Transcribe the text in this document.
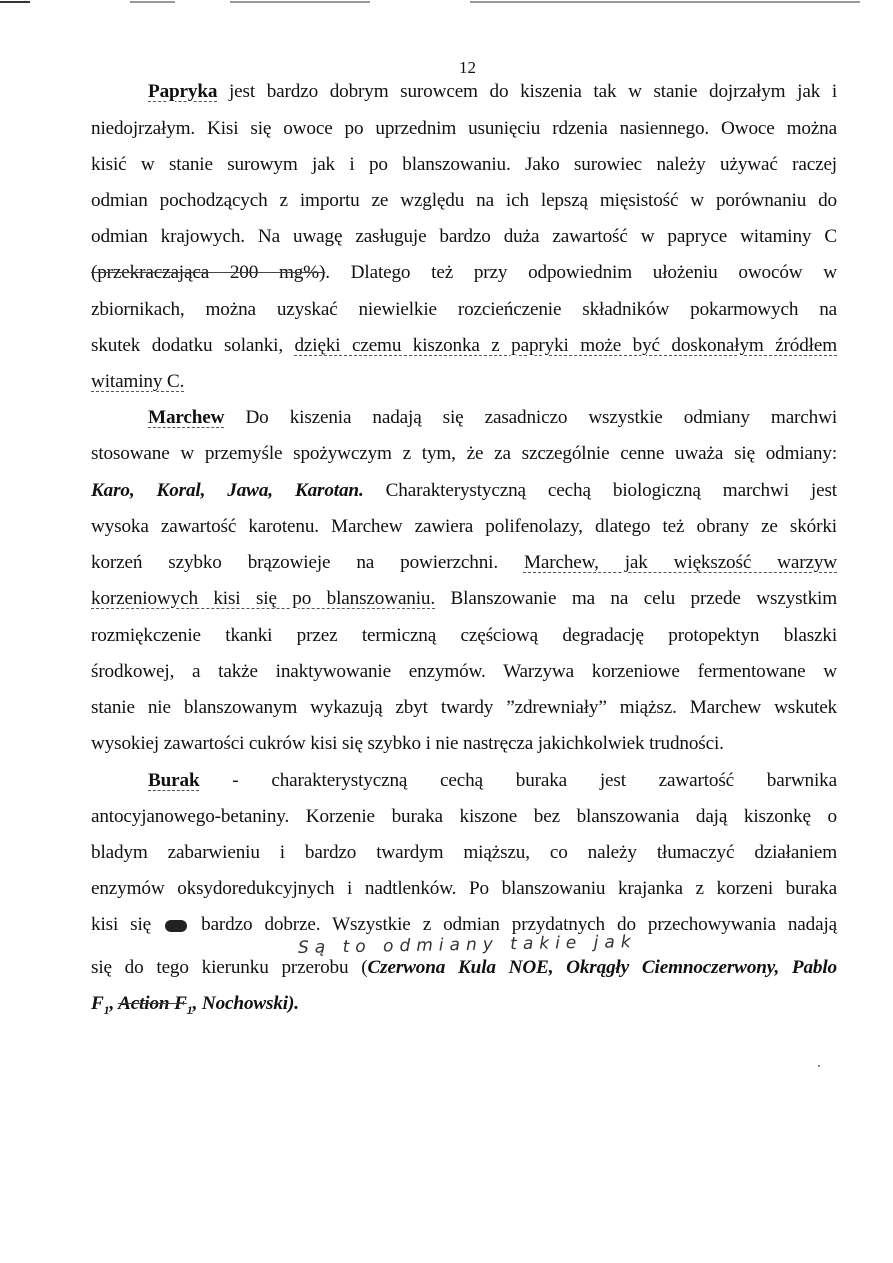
12
Papryka jest bardzo dobrym surowcem do kiszenia tak w stanie dojrzałym jak i
niedojrzałym. Kisi się owoce po uprzednim usunięciu rdzenia nasiennego. Owoce można
kisić w stanie surowym jak i po blanszowaniu. Jako surowiec należy używać raczej
odmian pochodzących z importu ze względu na ich lepszą mięsistość w porównaniu do
odmian krajowych. Na uwagę zasługuje bardzo duża zawartość w papryce witaminy C
(przekraczająca 200 mg%). Dlatego też przy odpowiednim ułożeniu owoców w
zbiornikach, można uzyskać niewielkie rozcieńczenie składników pokarmowych na
skutek dodatku solanki, dzięki czemu kiszonka z papryki może być doskonałym źródłem
witaminy C.
Marchew Do kiszenia nadają się zasadniczo wszystkie odmiany marchwi
stosowane w przemyśle spożywczym z tym, że za szczególnie cenne uważa się odmiany:
Karo, Koral, Jawa, Karotan. Charakterystyczną cechą biologiczną marchwi jest
wysoka zawartość karotenu. Marchew zawiera polifenolazy, dlatego też obrany ze skórki
korzeń szybko brązowieje na powierzchni. Marchew, jak większość warzyw
korzeniowych kisi się po blanszowaniu. Blanszowanie ma na celu przede wszystkim
rozmiękczenie tkanki przez termiczną częściową degradację protopektyn blaszki
środkowej, a także inaktywowanie enzymów. Warzywa korzeniowe fermentowane w
stanie nie blanszowanym wykazują zbyt twardy ”zdrewniały” miąższ. Marchew wskutek
wysokiej zawartości cukrów kisi się szybko i nie nastręcza jakichkolwiek trudności.
Burak - charakterystyczną cechą buraka jest zawartość barwnika
antocyjanowego-betaniny. Korzenie buraka kiszone bez blanszowania dają kiszonkę o
bladym zabarwieniu i bardzo twardym miąższu, co należy tłumaczyć działaniem
enzymów oksydoredukcyjnych i nadtlenków. Po blanszowaniu krajanka z korzeni buraka
kisi się	bardzo dobrze. Wszystkie z odmian przydatnych do przechowywania nadają
Są to odmiany takie jak
się do tego kierunku przerobu (Czerwona Kula NOE, Okrągły Ciemnoczerwony, Pablo
$F_1$, Action $F_1$, Nochowski).
